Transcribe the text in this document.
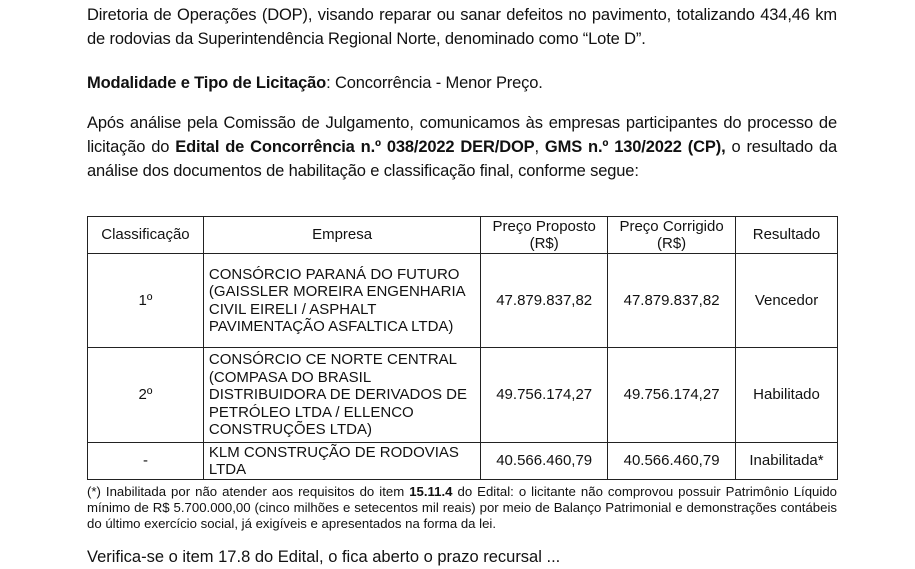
Diretoria de Operações (DOP), visando reparar ou sanar defeitos no pavimento, totalizando 434,46 km de rodovias da Superintendência Regional Norte, denominado como “Lote D”.
Modalidade e Tipo de Licitação: Concorrência - Menor Preço.
Após análise pela Comissão de Julgamento, comunicamos às empresas participantes do processo de licitação do Edital de Concorrência n.º 038/2022 DER/DOP, GMS n.º 130/2022 (CP), o resultado da análise dos documentos de habilitação e classificação final, conforme segue:
Classificação	Empresa	Preço Proposto (R$)	Preço Corrigido (R$)	Resultado
1º	CONSÓRCIO PARANÁ DO FUTURO (GAISSLER MOREIRA ENGENHARIA CIVIL EIRELI / ASPHALT PAVIMENTAÇÃO ASFALTICA LTDA)	47.879.837,82	47.879.837,82	Vencedor
2º	CONSÓRCIO CE NORTE CENTRAL (COMPASA DO BRASIL DISTRIBUIDORA DE DERIVADOS DE PETRÓLEO LTDA / ELLENCO CONSTRUÇÕES LTDA)	49.756.174,27	49.756.174,27	Habilitado
-	KLM CONSTRUÇÃO DE RODOVIAS LTDA	40.566.460,79	40.566.460,79	Inabilitada*
(*) Inabilitada por não atender aos requisitos do item 15.11.4 do Edital: o licitante não comprovou possuir Patrimônio Líquido mínimo de R$ 5.700.000,00 (cinco milhões e setecentos mil reais) por meio de Balanço Patrimonial e demonstrações contábeis do último exercício social, já exigíveis e apresentados na forma da lei.
Verifica-se o item 17.8 do Edital, o fica aberto o prazo recursal ...
